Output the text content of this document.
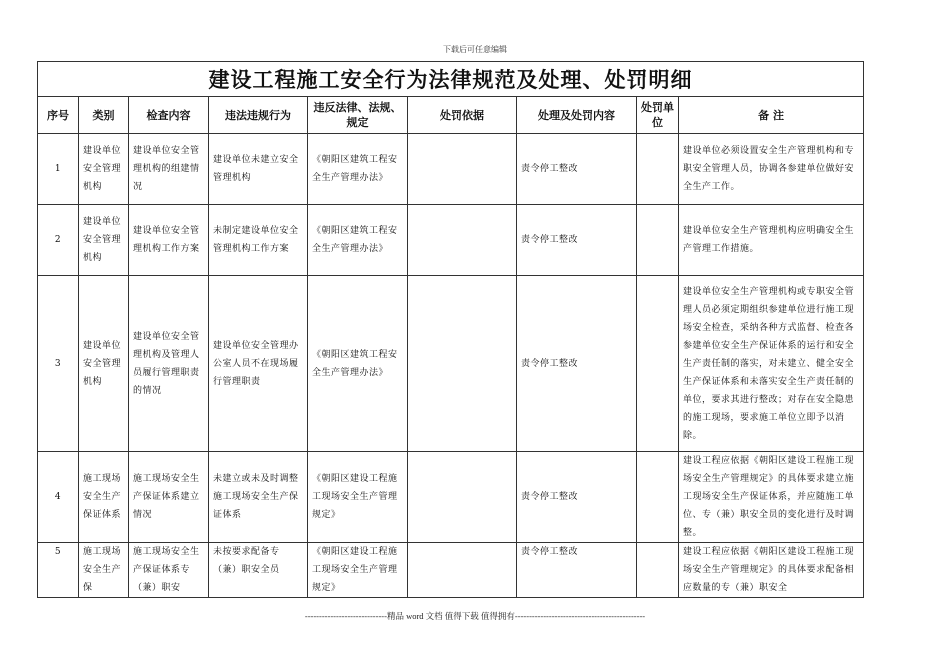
下载后可任意编辑
建设工程施工安全行为法律规范及处理、处罚明细								
序号	类别	检查内容	违法违规行为	违反法律、法规、规定	处罚依据	处理及处罚内容	处罚单位	备 注
1	建设单位安全管理机构	建设单位安全管理机构的组建情况	建设单位未建立安全管理机构	《朝阳区建筑工程安全生产管理办法》		责令停工整改		建设单位必须设置安全生产管理机构和专职安全管理人员，协调各参建单位做好安全生产工作。
2	建设单位安全管理机构	建设单位安全管理机构工作方案	未制定建设单位安全管理机构工作方案	《朝阳区建筑工程安全生产管理办法》		责令停工整改		建设单位安全生产管理机构应明确安全生产管理工作措施。
3	建设单位安全管理机构	建设单位安全管理机构及管理人员履行管理职责的情况	建设单位安全管理办公室人员不在现场履行管理职责	《朝阳区建筑工程安全生产管理办法》		责令停工整改		建设单位安全生产管理机构或专职安全管理人员必须定期组织参建单位进行施工现场安全检查，采纳各种方式监督、检查各参建单位安全生产保证体系的运行和安全生产责任制的落实，对未建立、健全安全生产保证体系和未落实安全生产责任制的单位，要求其进行整改；对存在安全隐患的施工现场，要求施工单位立即予以消除。
4	施工现场安全生产保证体系	施工现场安全生产保证体系建立情况	未建立或未及时调整施工现场安全生产保证体系	《朝阳区建设工程施工现场安全生产管理规定》		责令停工整改		建设工程应依据《朝阳区建设工程施工现场安全生产管理规定》的具体要求建立施工现场安全生产保证体系，并应随施工单位、专（兼）职安全员的变化进行及时调整。
5	施工现场安全生产保	施工现场安全生产保证体系专（兼）职安	未按要求配备专（兼）职安全员	《朝阳区建设工程施工现场安全生产管理规定》		责令停工整改		建设工程应依据《朝阳区建设工程施工现场安全生产管理规定》的具体要求配备相应数量的专（兼）职安全
-----------------------------精品 word 文档 值得下载 值得拥有----------------------------------------------
